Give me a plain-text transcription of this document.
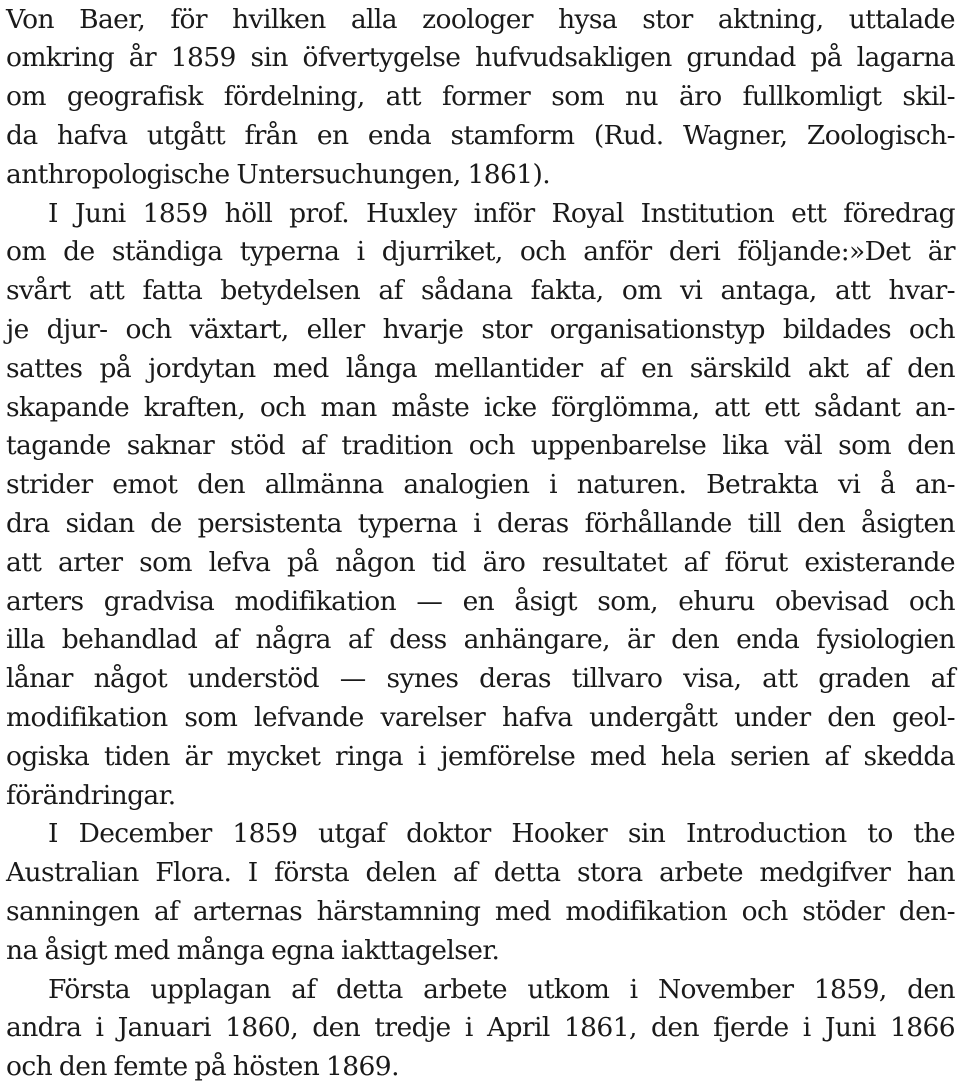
Von Baer, för hvilken alla zoologer hysa stor aktning, uttalade
omkring år 1859 sin öfvertygelse hufvudsakligen grundad på lagarna
om geografisk fördelning, att former som nu äro fullkomligt skil-
da hafva utgått från en enda stamform (Rud. Wagner, Zoologisch-
anthropologische Untersuchungen, 1861).
I Juni 1859 höll prof. Huxley inför Royal Institution ett föredrag
om de ständiga typerna i djurriket, och anför deri följande:»Det är
svårt att fatta betydelsen af sådana fakta, om vi antaga, att hvar-
je djur- och växtart, eller hvarje stor organisationstyp bildades och
sattes på jordytan med långa mellantider af en särskild akt af den
skapande kraften, och man måste icke förglömma, att ett sådant an-
tagande saknar stöd af tradition och uppenbarelse lika väl som den
strider emot den allmänna analogien i naturen. Betrakta vi å an-
dra sidan de persistenta typerna i deras förhållande till den åsigten
att arter som lefva på någon tid äro resultatet af förut existerande
arters gradvisa modifikation — en åsigt som, ehuru obevisad och
illa behandlad af några af dess anhängare, är den enda fysiologien
lånar något understöd — synes deras tillvaro visa, att graden af
modifikation som lefvande varelser hafva undergått under den geol-
ogiska tiden är mycket ringa i jemförelse med hela serien af skedda
förändringar.
I December 1859 utgaf doktor Hooker sin Introduction to the
Australian Flora. I första delen af detta stora arbete medgifver han
sanningen af arternas härstamning med modifikation och stöder den-
na åsigt med många egna iakttagelser.
Första upplagan af detta arbete utkom i November 1859, den
andra i Januari 1860, den tredje i April 1861, den fjerde i Juni 1866
och den femte på hösten 1869.
